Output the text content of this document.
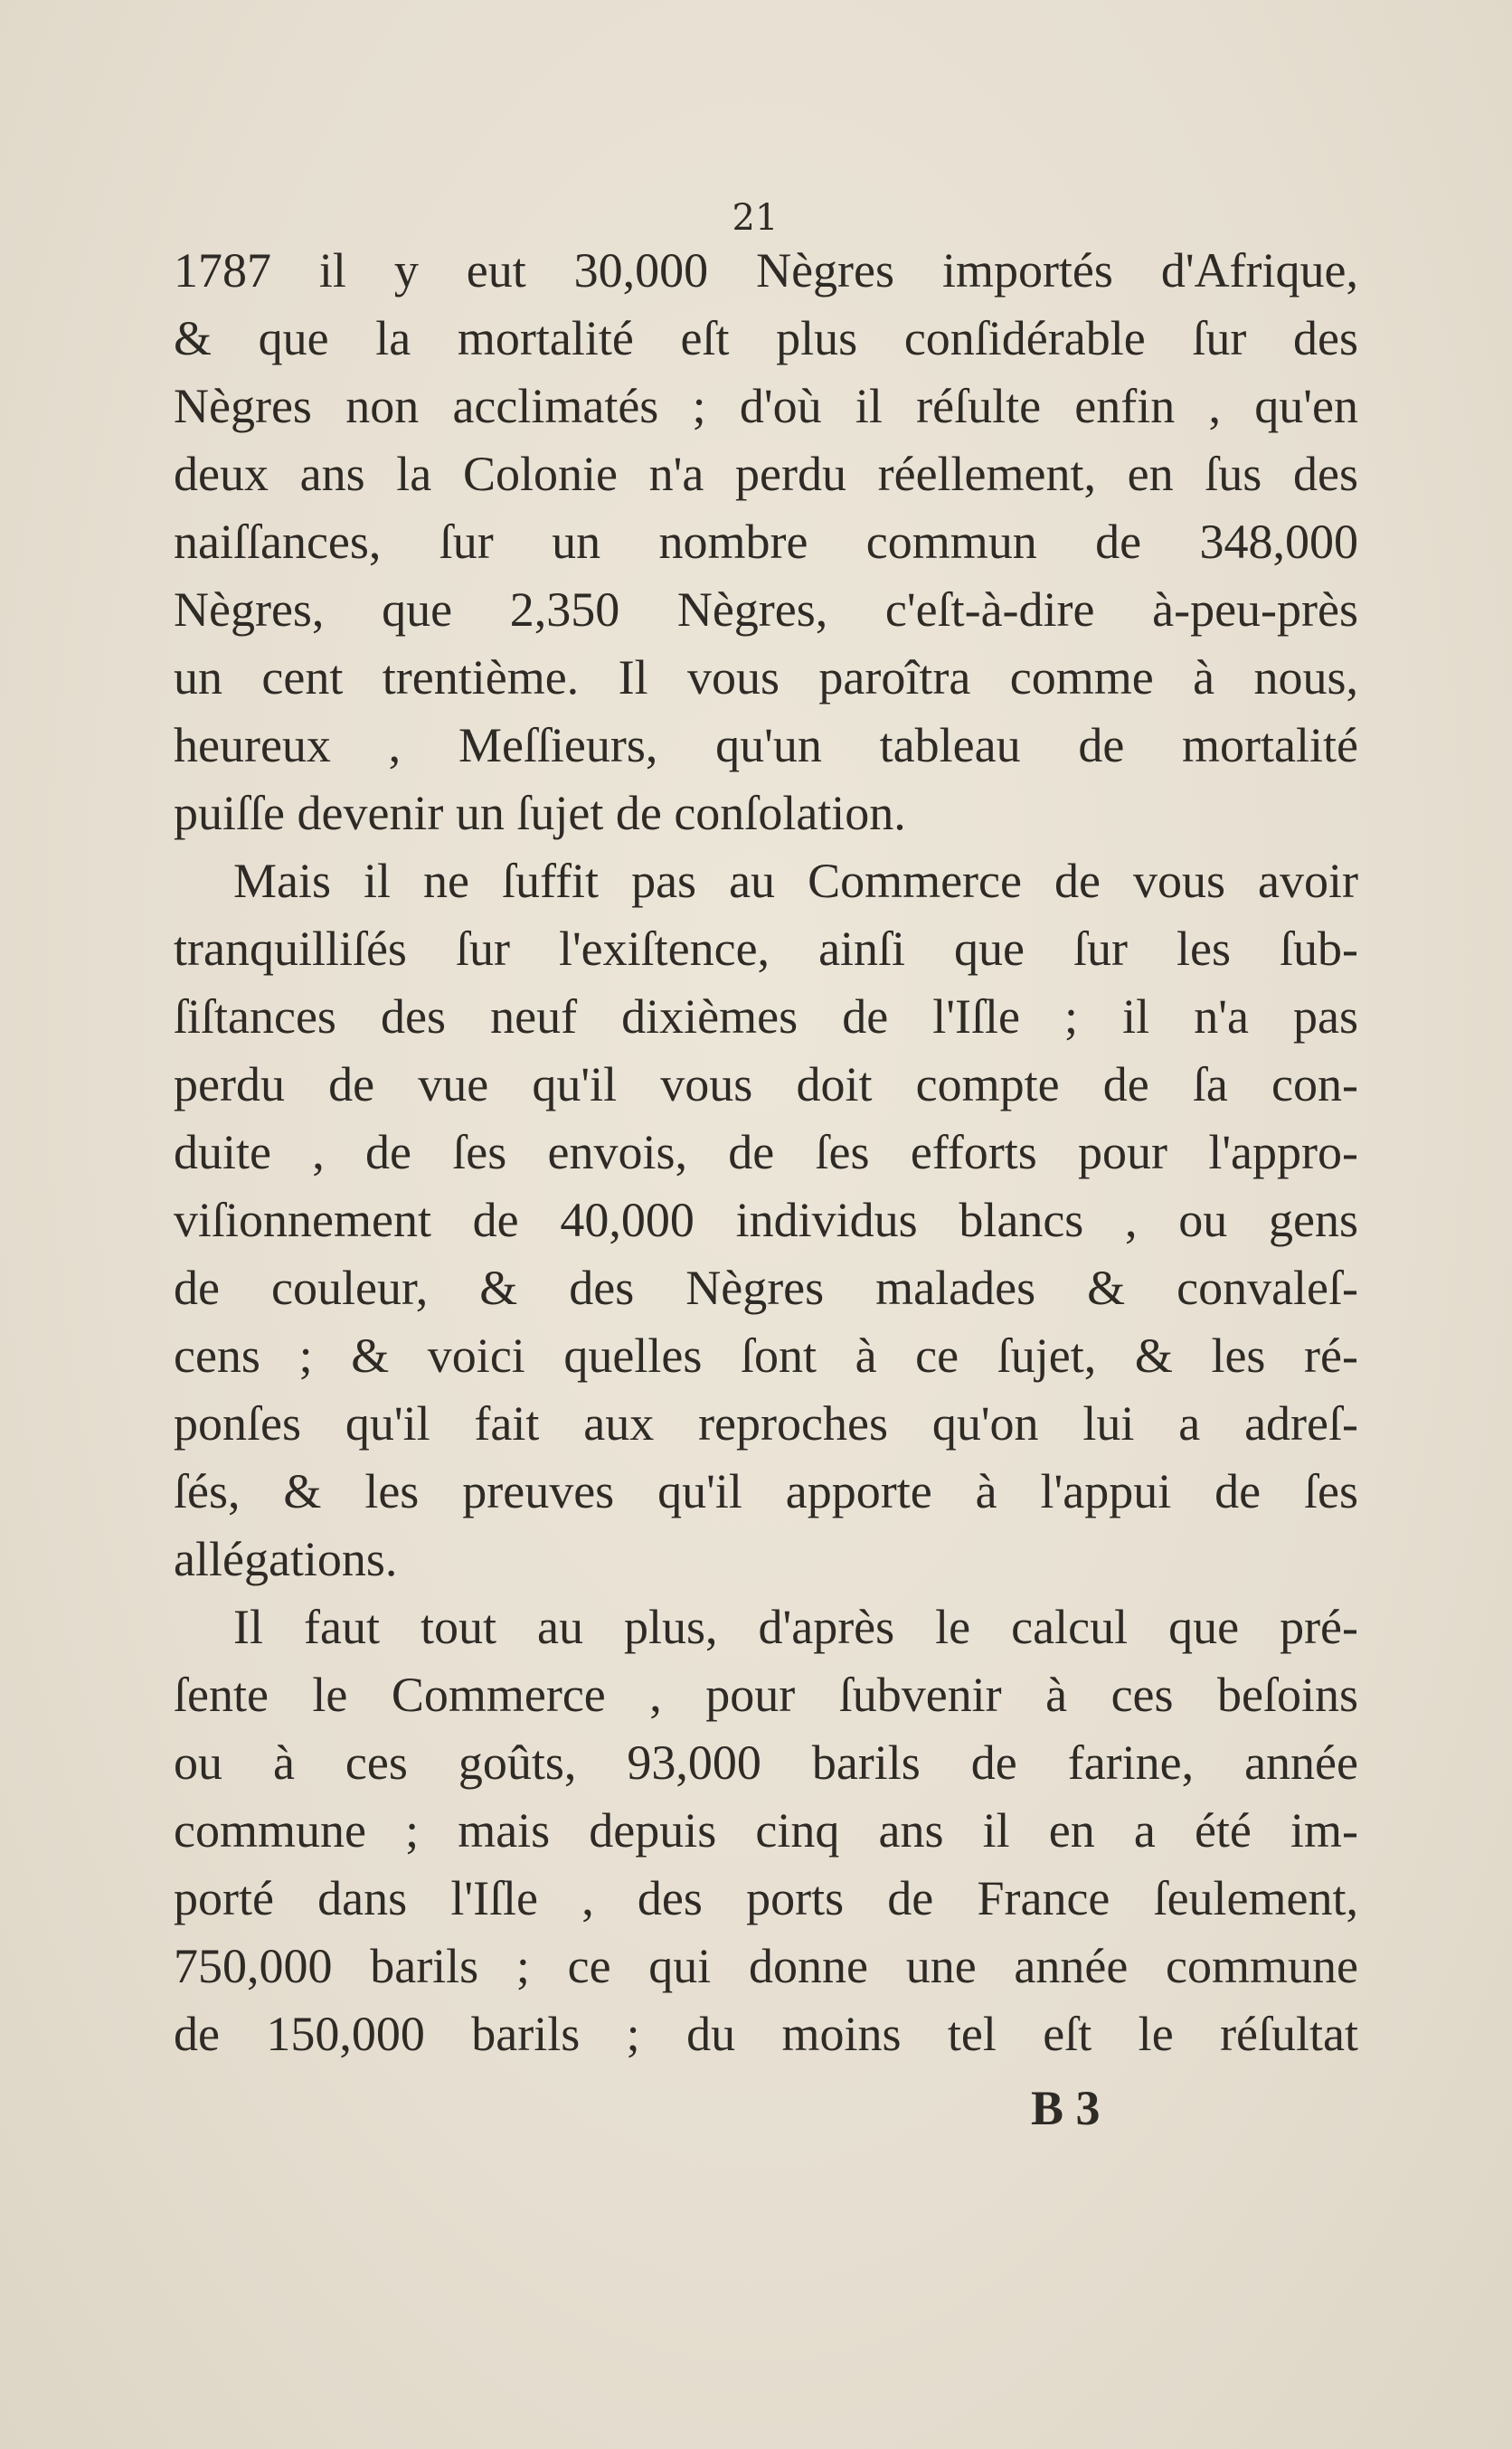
21
1787 il y eut 30,000 Nègres importés d'Afrique,
& que la mortalité eſt plus conſidérable ſur des
Nègres non acclimatés ; d'où il réſulte enfin , qu'en
deux ans la Colonie n'a perdu réellement, en ſus des
naiſſances, ſur un nombre commun de 348,000
Nègres, que 2,350 Nègres, c'eſt-à-dire à-peu-près
un cent trentième. Il vous paroîtra comme à nous,
heureux , Meſſieurs, qu'un tableau de mortalité
puiſſe devenir un ſujet de conſolation.
Mais il ne ſuffit pas au Commerce de vous avoir
tranquilliſés ſur l'exiſtence, ainſi que ſur les ſub-
ſiſtances des neuf dixièmes de l'Iſle ; il n'a pas
perdu de vue qu'il vous doit compte de ſa con-
duite , de ſes envois, de ſes efforts pour l'appro-
viſionnement de 40,000 individus blancs , ou gens
de couleur, & des Nègres malades & convaleſ-
cens ; & voici quelles ſont à ce ſujet, & les ré-
ponſes qu'il fait aux reproches qu'on lui a adreſ-
ſés, & les preuves qu'il apporte à l'appui de ſes
allégations.
Il faut tout au plus, d'après le calcul que pré-
ſente le Commerce , pour ſubvenir à ces beſoins
ou à ces goûts, 93,000 barils de farine, année
commune ; mais depuis cinq ans il en a été im-
porté dans l'Iſle , des ports de France ſeulement,
750,000 barils ; ce qui donne une année commune
de 150,000 barils ; du moins tel eſt le réſultat
B 3
